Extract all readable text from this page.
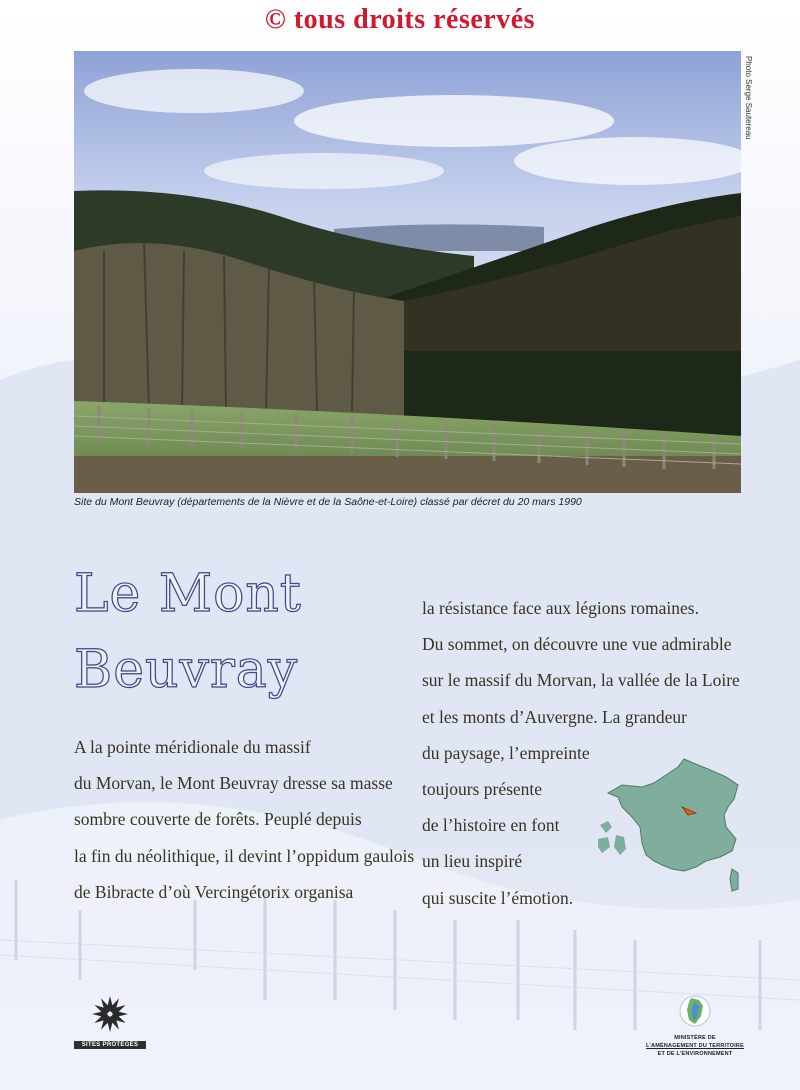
© tous droits réservés
Photo Serge Sautereau
Site du Mont Beuvray (départements de la Nièvre et de la Saône-et-Loire) classé par décret du 20 mars 1990
Le Mont
Beuvray

A la pointe méridionale du massif
du Morvan, le Mont Beuvray dresse sa masse
sombre couverte de forêts. Peuplé depuis
la fin du néolithique, il devint l’oppidum gaulois
de Bibracte d’où Vercingétorix organisa

la résistance face aux légions romaines.
Du sommet, on découvre une vue admirable
sur le massif du Morvan, la vallée de la Loire
et les monts d’Auvergne. La grandeur
du paysage, l’empreinte
toujours présente
de l’histoire en font
un lieu inspiré
qui suscite l’émotion.

SITES PROTÉGÉS
MINISTÈRE DE
L’AMÉNAGEMENT DU TERRITOIRE
ET DE L’ENVIRONNEMENT
